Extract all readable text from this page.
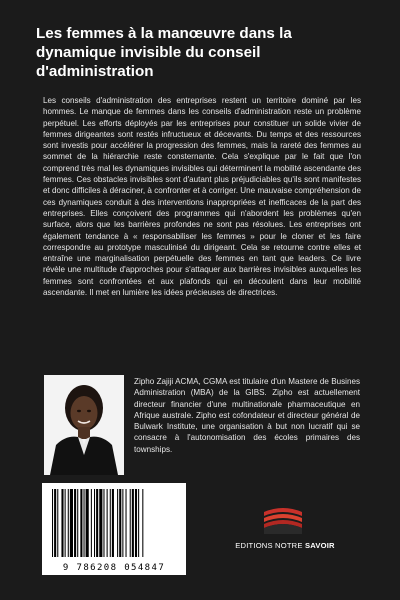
Les femmes à la manœuvre dans la dynamique invisible du conseil d'administration

Les conseils d'administration des entreprises restent un territoire dominé par les hommes. Le manque de femmes dans les conseils d'administration reste un problème perpétuel. Les efforts déployés par les entreprises pour constituer un solide vivier de femmes dirigeantes sont restés infructueux et décevants. Du temps et des ressources sont investis pour accélérer la progression des femmes, mais la rareté des femmes au sommet de la hiérarchie reste consternante. Cela s'explique par le fait que l'on comprend très mal les dynamiques invisibles qui déterminent la mobilité ascendante des femmes. Ces obstacles invisibles sont d'autant plus préjudiciables qu'ils sont manifestes et donc difficiles à déraciner, à confronter et à corriger. Une mauvaise compréhension de ces dynamiques conduit à des interventions inappropriées et inefficaces de la part des entreprises. Elles conçoivent des programmes qui n'abordent les problèmes qu'en surface, alors que les barrières profondes ne sont pas résolues. Les entreprises ont également tendance à « responsabiliser les femmes » pour le cloner et les faire correspondre au prototype masculinisé du dirigeant. Cela se retourne contre elles et entraîne une marginalisation perpétuelle des femmes en tant que leaders. Ce livre révèle une multitude d'approches pour s'attaquer aux barrières invisibles auxquelles les femmes sont confrontées et aux plafonds qui en découlent dans leur mobilité ascendante. Il met en lumière les idées précieuses de directrices.

Zipho Zajiji ACMA, CGMA est titulaire d'un Mastere de Busines Administration (MBA) de la GIBS. Zipho est actuellement directeur financier d'une multinationale pharmaceutique en Afrique australe. Zipho est cofondateur et directeur général de Bulwark Institute, une organisation à but non lucratif qui se consacre à l'autonomisation des écoles primaires des townships.

9 786208 054847
EDITIONS NOTRE SAVOIR
